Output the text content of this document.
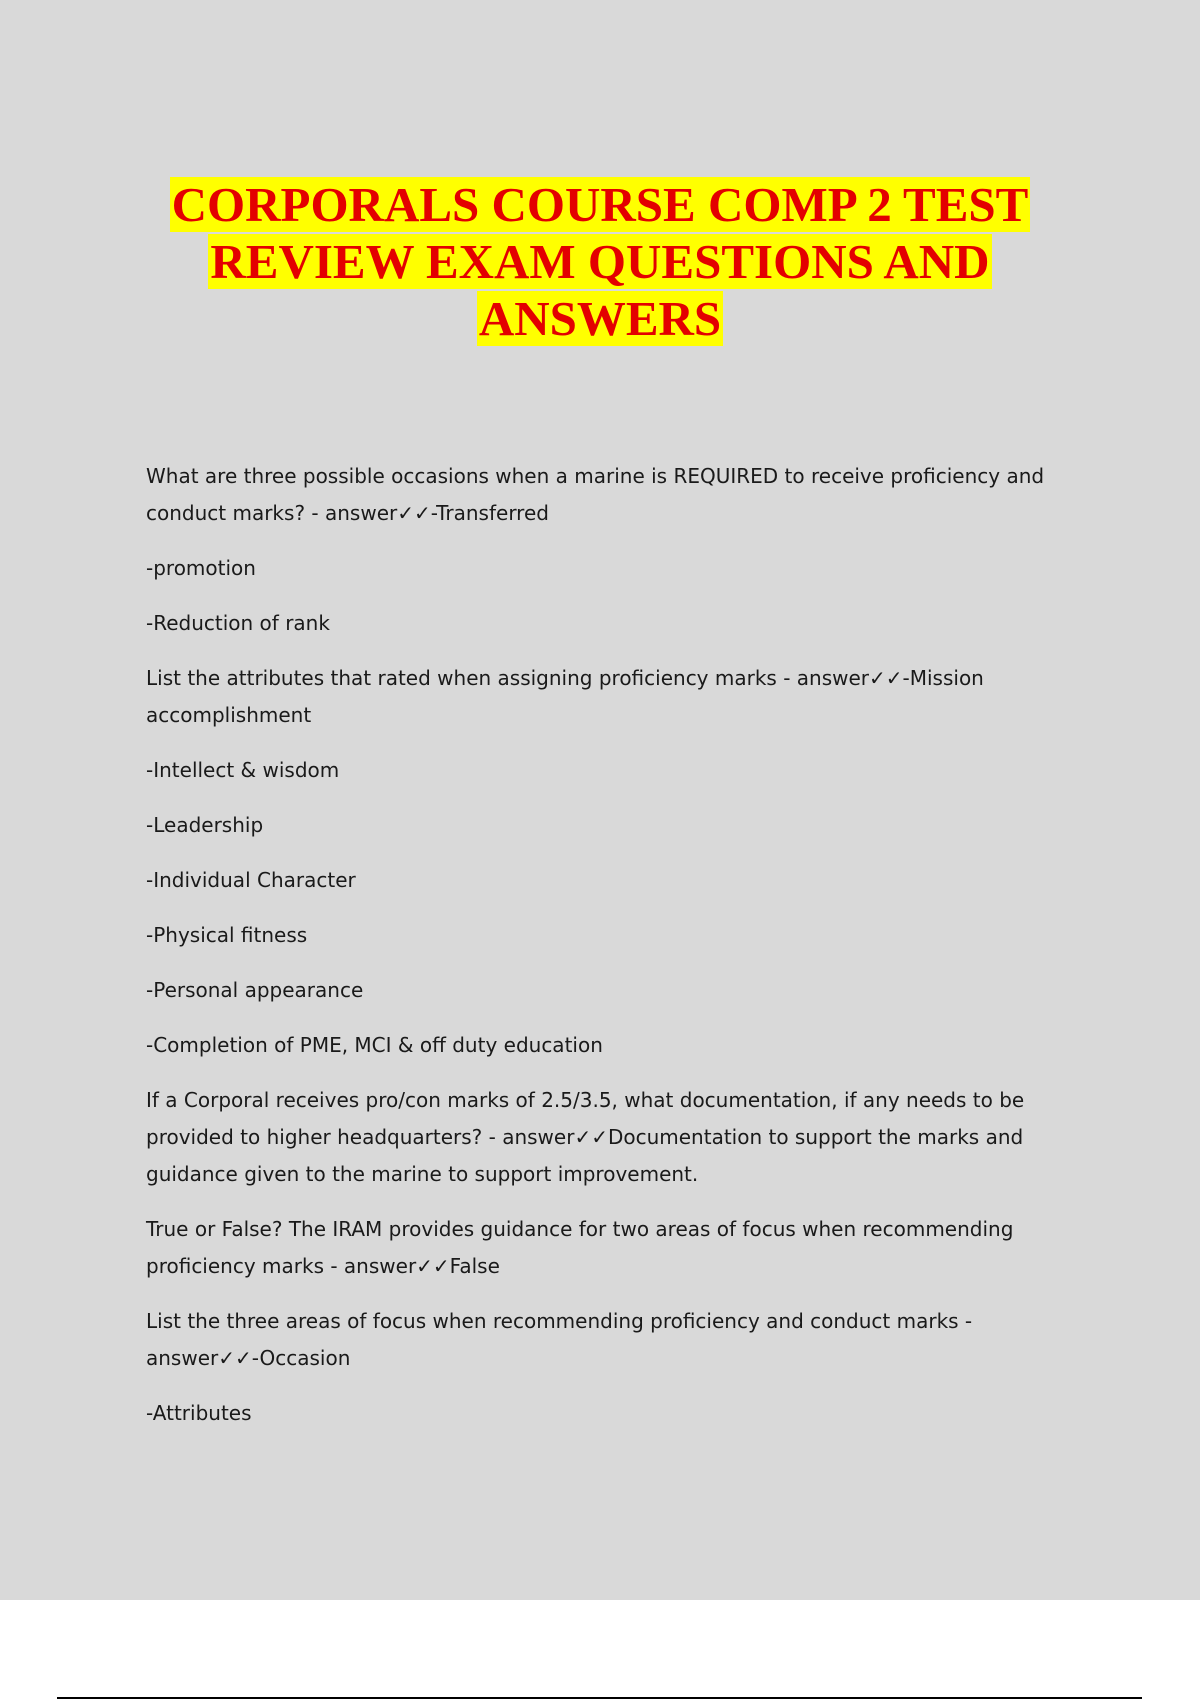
CORPORALS COURSE COMP 2 TEST
REVIEW EXAM QUESTIONS AND
ANSWERS

What are three possible occasions when a marine is REQUIRED to receive proficiency and conduct marks? - answer✓✓-Transferred

-promotion

-Reduction of rank

List the attributes that rated when assigning proficiency marks - answer✓✓-Mission accomplishment

-Intellect & wisdom

-Leadership

-Individual Character

-Physical fitness

-Personal appearance

-Completion of PME, MCI & off duty education

If a Corporal receives pro/con marks of 2.5/3.5, what documentation, if any needs to be provided to higher headquarters? - answer✓✓Documentation to support the marks and guidance given to the marine to support improvement.

True or False? The IRAM provides guidance for two areas of focus when recommending proficiency marks - answer✓✓False

List the three areas of focus when recommending proficiency and conduct marks - answer✓✓-Occasion

-Attributes
